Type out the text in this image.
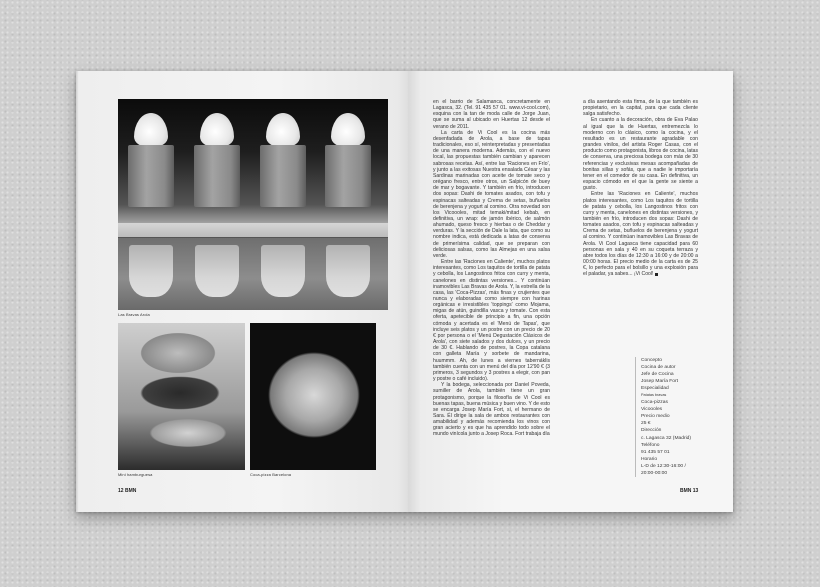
Las Bravas Arola
Mini hamburguesa	Coca-pizza Barcelona
12 BMN

en el barrio de Salamanca, concretamente en Lagasca, 32. (Tel. 91 435 57 01. www.vi-cool.com), esquina con la tan de moda calle de Jorge Juan, que se suma al ubicado en Huertas 12 desde el verano de 2011.

La carta de Vi Cool es la cocina más desenfadada de Arola, a base de tapas tradicionales, eso sí, reinterpretadas y presentadas de una manera moderna. Además, con el nuevo local, las propuestas también cambian y aparecen sabrosas recetas. Así, entre las 'Raciones en Frío', y junto a las exitosas Nuestra ensalada César y las Sardinas marinadas con aceite de tomate seco y orégano fresco, entre otros, un Salpicón de buey de mar y bogavante. Y también en frío, introducen dos sopas: Dashi de tomates asados, con tofu y espinacas salteadas y Crema de setas, buñuelos de berenjena y yogurt al comino. Otra novedad son los Vicoooles, mitad temaki/mitad kebab, en definitiva, un wrap: de jamón ibérico, de salmón ahumado, queso fresco y hierbas o de Cheddar y verduras. Y la sección de Dale la lata, que como su nombre indica, está dedicada a latas de conserva de primerísima calidad, que se preparan con deliciosas salsas, como las Almejas en una salsa verde.

Entre las 'Raciones en Caliente', muchos platos interesantes, como Los taquitos de tortilla de patata y cebolla, los Langostinos fritos con curry y menta, canelones en distintas versiones... Y continúan inamovibles Las Bravas de Arola. Y, la estrella de la casa, las 'Coca-Pizzas', más finas y crujientes que nunca y elaboradas como siempre con harinas orgánicas e irresistibles 'toppings' como Mojama, migas de atún, guindilla vasca y tomate. Con esta oferta, apetecible de principio a fin, una opción cómoda y acertada es el 'Menú de Tapas', que incluye seis platos y un postre con un precio de 20 € por persona o el 'Menú Degustación Clásicos de Arola', con siete salados y dos dulces, y un precio de 30 €. Hablando de postres, la Copa catalana con galleta María y sorbete de mandarina, huummm. Ah, de lunes a viernes tabernáklis también cuenta con un menú del día por 12'90 € (3 primeros, 3 segundos y 3 postres a elegir, con pan y postre o café incluido).

Y la bodega, seleccionada por Daniel Poveda, sumiller de Arola, también tiene un gran protagonismo, porque la filosofía de Vi Cool es buenas tapas, buena música y buen vino. Y de esto se encarga Josep María Fort, sí, el hermano de Sara. Él dirige la sala de ambos restaurantes con amabilidad y además recomienda los vinos con gran acierto y es que ha aprendido todo sobre el mundo vinícola junto a Josep Roca. Fort trabaja día

a día asentando esta firma, de la que también es propietario, en la capital, para que cada cliente salga satisfecho.

En cuanto a la decoración, obra de Eva Palao al igual que la de Huertas, entremezcla lo moderno con lo clásico, como la cocina, y el resultado es un restaurante agradable con grandes vinilos, del artista Roger Casas, con el producto como protagonista, libros de cocina, latas de conserva, una preciosa bodega con más de 30 referencias y exclusivas mesas acompañadas de bonitas sillas y sofás, que a nadie le importaría tener en el comedor de su casa. En definitiva, un espacio cómodo en el que la gente se siente a gusto.

Entre las 'Raciones en Caliente', muchos platos interesantes, como Los taquitos de tortilla de patata y cebolla, los Langostinos fritos con curry y menta, canelones en distintas versiones, y también en frío, introducen dos sopas: Dashi de tomates asados, con tofu y espinacas salteadas y Crema de setas, buñuelos de berenjena y yogurt al comino. Y continúan inamovibles Las Bravas de Arola. Vi Cool Lagasca tiene capacidad para 60 personas en sala y 40 en su coqueta terraza y abre todos los días de 12:30 a 16:00 y de 20:00 a 00:00 horas. El precio medio de la carta es de 25 €, lo perfecto para el bolsillo y una explosión para el paladar, ya sabes... ¡Vi Cool!

Concepto
Cocina de autor
Jefe de Cocina
Josep María Fort
Especialidad
Patatas bravas
Coca-pizzas
Vicoooles
Precio medio
25 €
Dirección
c. Lagasca 32 (Madrid)
Teléfono
91 435 57 01
Horario
L-D de 12:30-16:00 /
20:00-00:00
BMN 13
